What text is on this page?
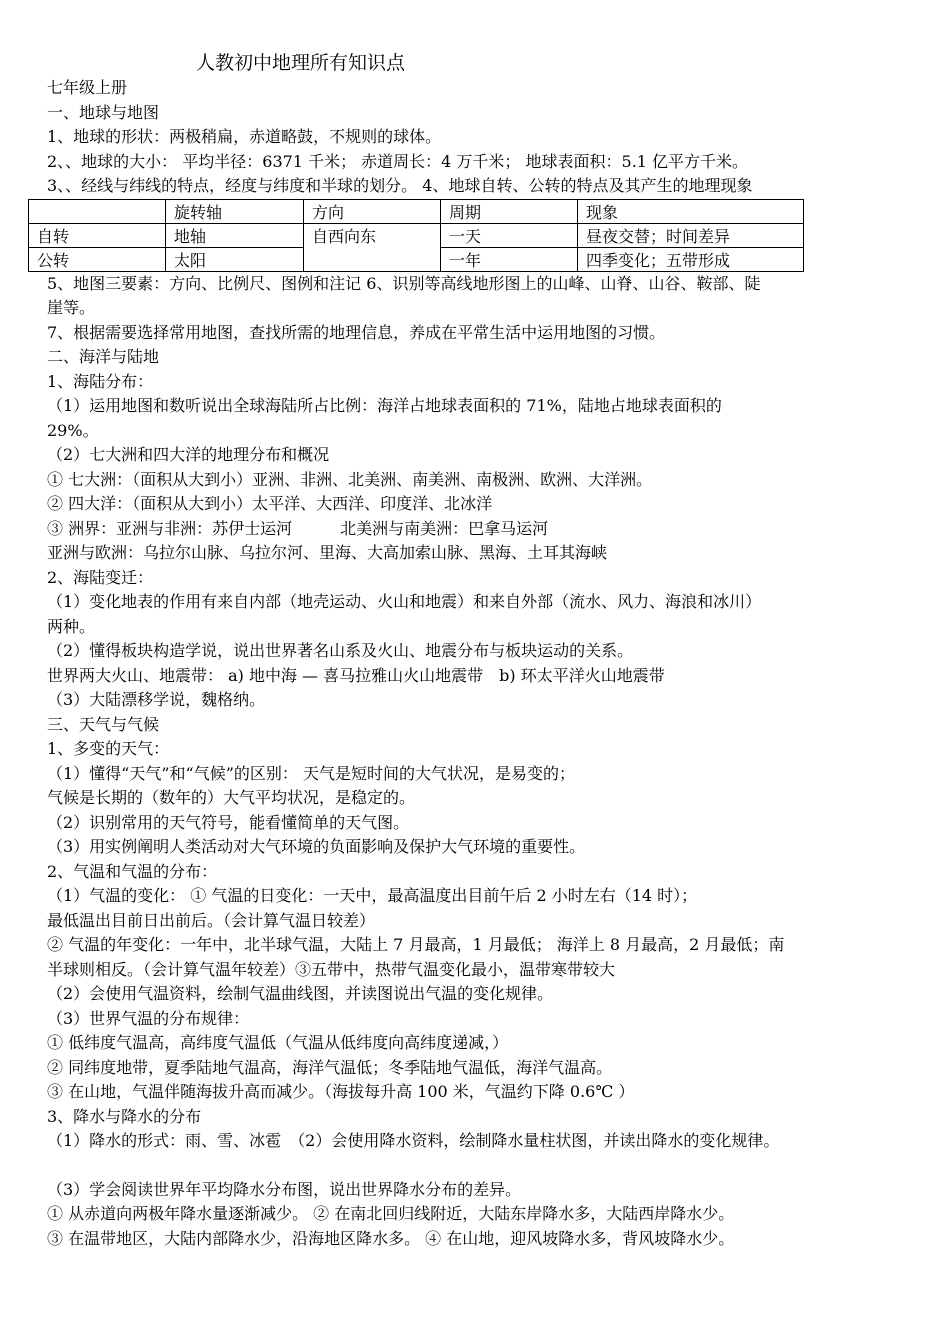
人教初中地理所有知识点
七年级上册
一、地球与地图
1、地球的形状：两极稍扁，赤道略鼓，不规则的球体。
2、、地球的大小： 平均半径：6371 千米； 赤道周长：4 万千米； 地球表面积：5.1 亿平方千米。
3、、经线与纬线的特点，经度与纬度和半球的划分。 4、地球自转、公转的特点及其产生的地理现象
	旋转轴	方向	周期	现象
自转	地轴	自西向东	一天	昼夜交替；时间差异
公转	太阳		一年	四季变化；五带形成
5、地图三要素：方向、比例尺、图例和注记 6、识别等高线地形图上的山峰、山脊、山谷、鞍部、陡
崖等。
7、根据需要选择常用地图，查找所需的地理信息，养成在平常生活中运用地图的习惯。
二、海洋与陆地
1、海陆分布：
（1）运用地图和数听说出全球海陆所占比例：海洋占地球表面积的 71%，陆地占地球表面积的
29%。
（2）七大洲和四大洋的地理分布和概况
① 七大洲：（面积从大到小）亚洲、非洲、北美洲、南美洲、南极洲、欧洲、大洋洲。
② 四大洋：（面积从大到小）太平洋、大西洋、印度洋、北冰洋
③ 洲界：亚洲与非洲：苏伊士运河　　　北美洲与南美洲：巴拿马运河
亚洲与欧洲：乌拉尔山脉、乌拉尔河、里海、大高加索山脉、黑海、土耳其海峡
2、海陆变迁：
（1）变化地表的作用有来自内部（地壳运动、火山和地震）和来自外部（流水、风力、海浪和冰川）
两种。
（2）懂得板块构造学说，说出世界著名山系及火山、地震分布与板块运动的关系。
世界两大火山、地震带： a) 地中海 — 喜马拉雅山火山地震带　b) 环太平洋火山地震带
（3）大陆漂移学说，魏格纳。
三、天气与气候
1、多变的天气：
（1）懂得“天气”和“气候”的区别： 天气是短时间的大气状况，是易变的；
气候是长期的（数年的）大气平均状况，是稳定的。
（2）识别常用的天气符号，能看懂简单的天气图。
（3）用实例阐明人类活动对大气环境的负面影响及保护大气环境的重要性。
2、气温和气温的分布：
（1）气温的变化： ① 气温的日变化：一天中，最高温度出目前午后 2 小时左右（14 时）；
最低温出目前日出前后。（会计算气温日较差）
② 气温的年变化：一年中，北半球气温，大陆上 7 月最高，1 月最低； 海洋上 8 月最高，2 月最低；南
半球则相反。（会计算气温年较差）③五带中，热带气温变化最小，温带寒带较大
（2）会使用气温资料，绘制气温曲线图，并读图说出气温的变化规律。
（3）世界气温的分布规律：
① 低纬度气温高，高纬度气温低（气温从低纬度向高纬度递减，）
② 同纬度地带，夏季陆地气温高，海洋气温低；冬季陆地气温低，海洋气温高。
③ 在山地，气温伴随海拔升高而减少。（海拔每升高 100 米，气温约下降 0.6℃ ）
3、降水与降水的分布
（1）降水的形式：雨、雪、冰雹　（2）会使用降水资料，绘制降水量柱状图，并读出降水的变化规律。
（3）学会阅读世界年平均降水分布图，说出世界降水分布的差异。
① 从赤道向两极年降水量逐渐减少。 ② 在南北回归线附近，大陆东岸降水多，大陆西岸降水少。
③ 在温带地区，大陆内部降水少，沿海地区降水多。 ④ 在山地，迎风坡降水多，背风坡降水少。
